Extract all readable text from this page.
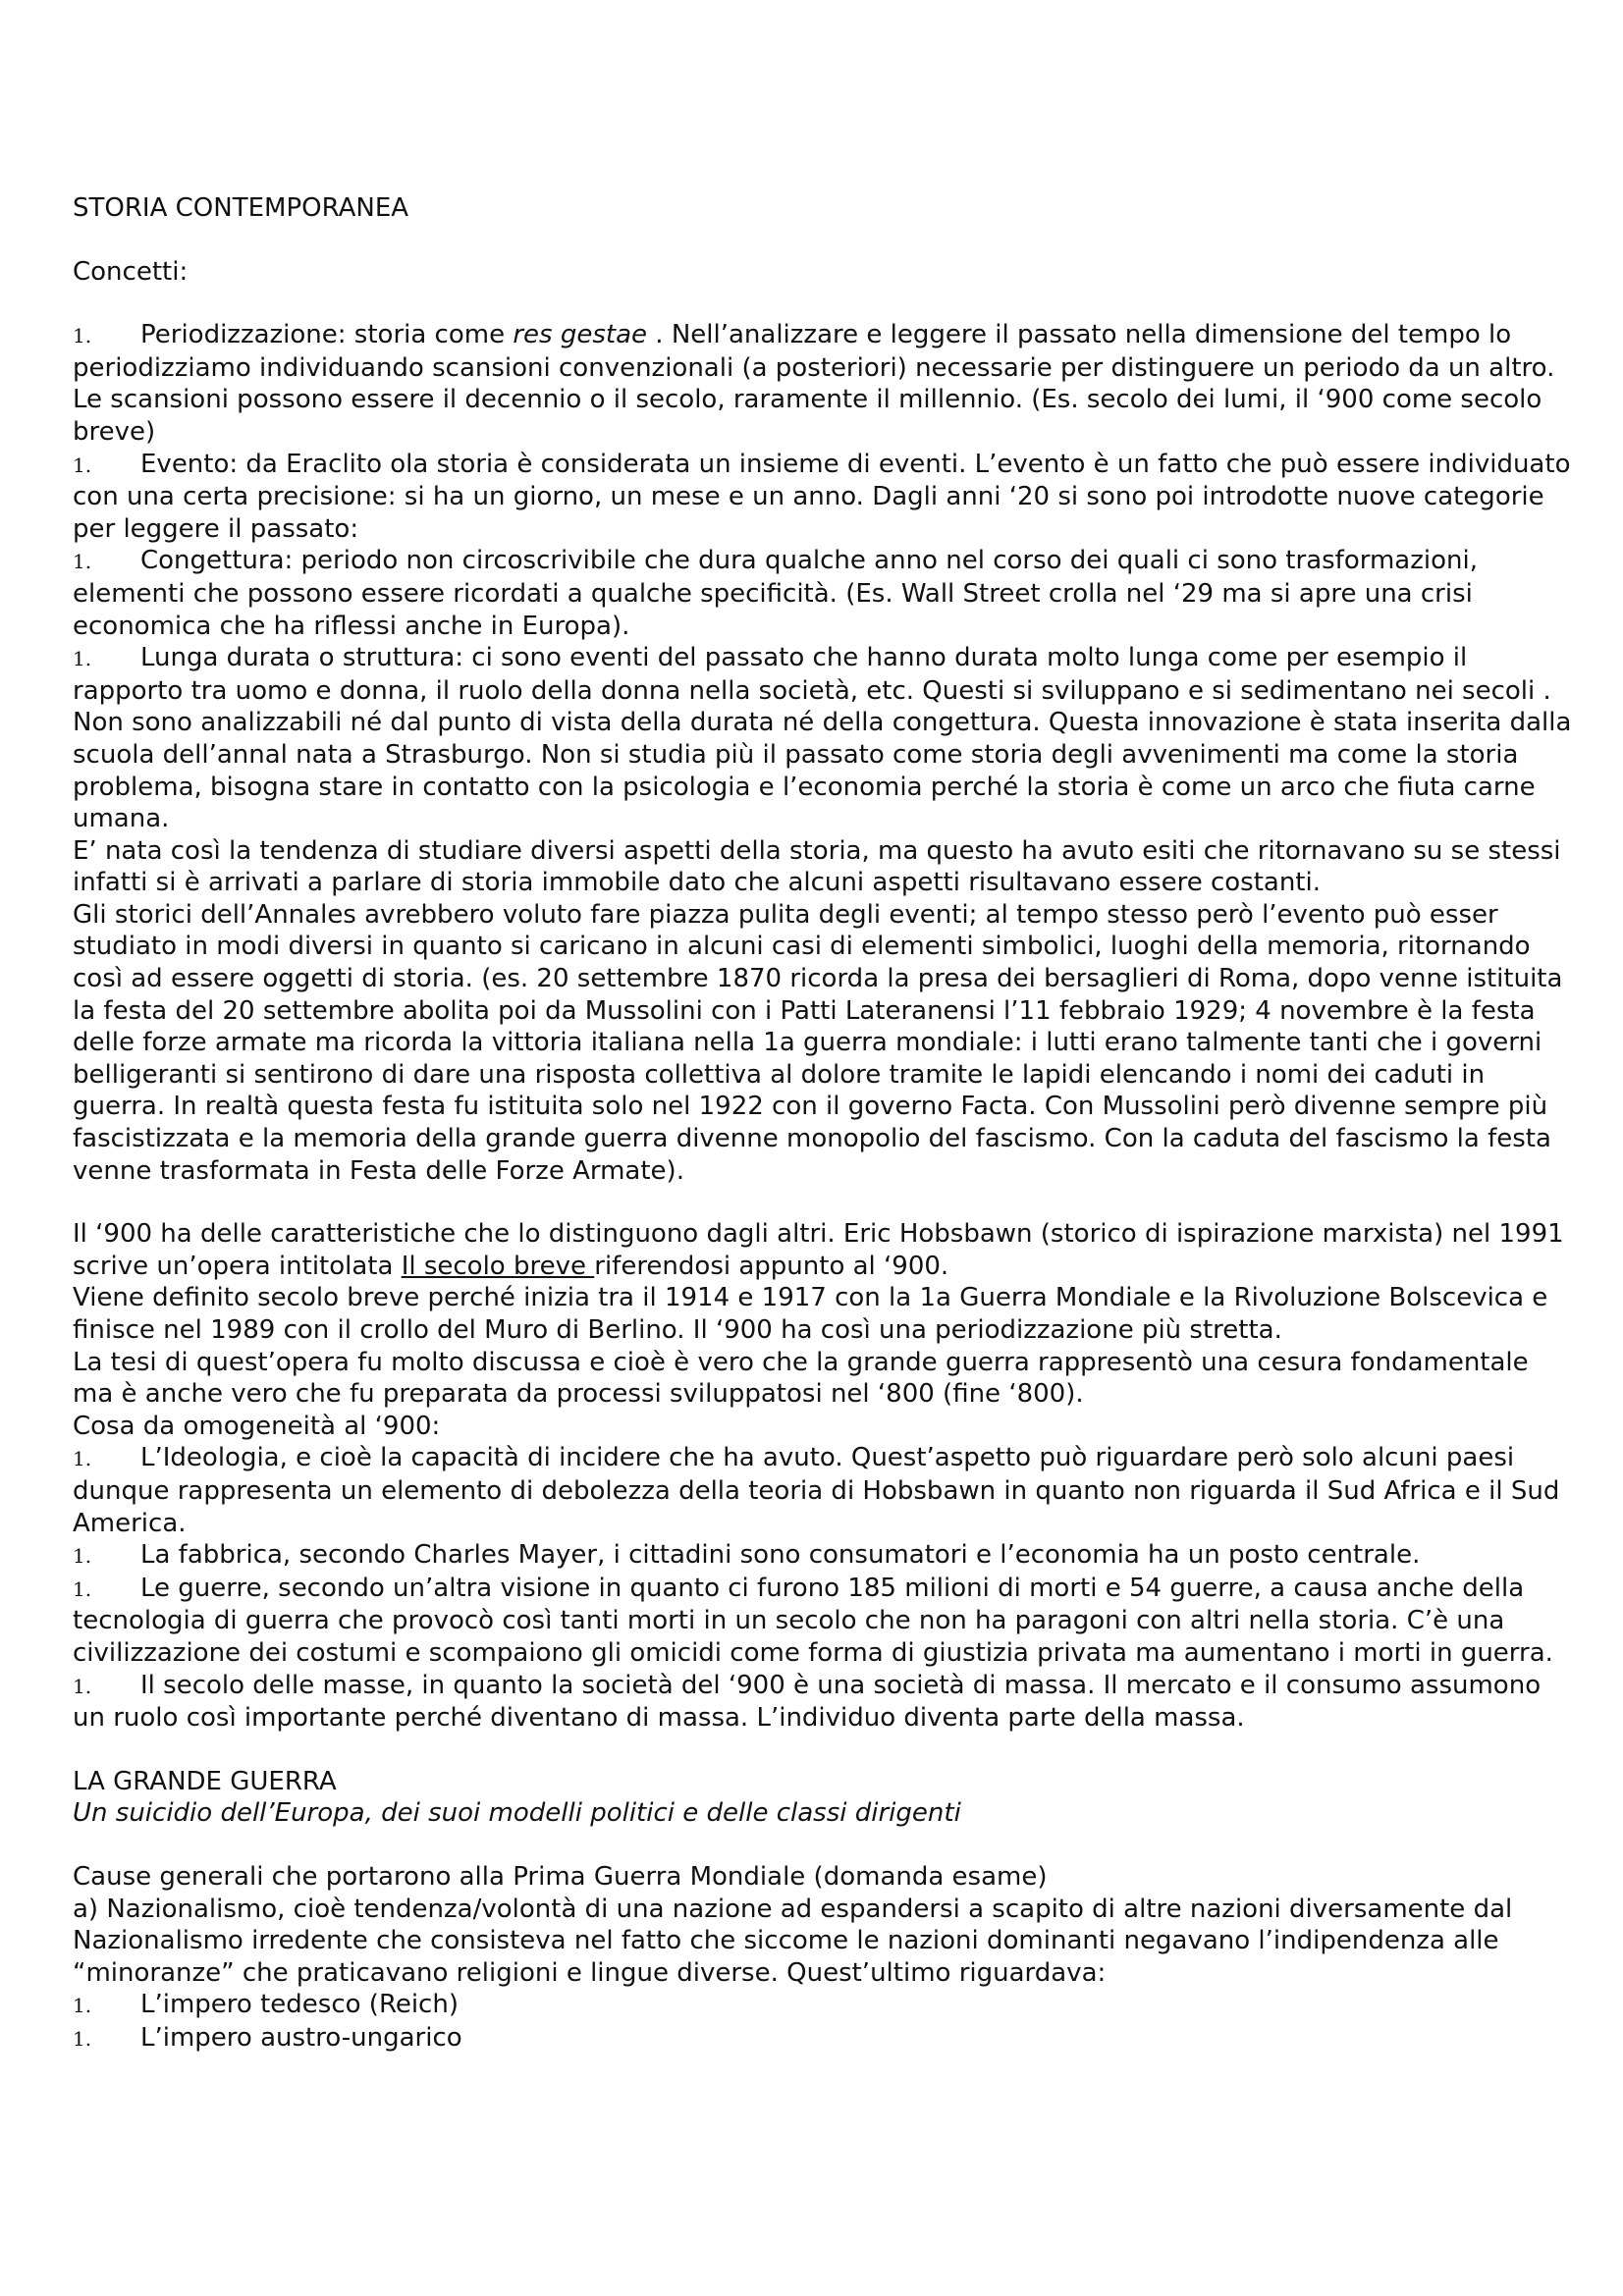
STORIA CONTEMPORANEA

Concetti:

1. Periodizzazione: storia come res gestae . Nell’analizzare e leggere il passato nella dimensione del tempo lo periodizziamo individuando scansioni convenzionali (a posteriori) necessarie per distinguere un periodo da un altro. Le scansioni possono essere il decennio o il secolo, raramente il millennio. (Es. secolo dei lumi, il ‘900 come secolo breve)

1. Evento: da Eraclito ola storia è considerata un insieme di eventi. L’evento è un fatto che può essere individuato con una certa precisione: si ha un giorno, un mese e un anno. Dagli anni ‘20 si sono poi introdotte nuove categorie per leggere il passato:

1. Congettura: periodo non circoscrivibile che dura qualche anno nel corso dei quali ci sono trasformazioni, elementi che possono essere ricordati a qualche specificità. (Es. Wall Street crolla nel ‘29 ma si apre una crisi economica che ha riflessi anche in Europa).

1. Lunga durata o struttura: ci sono eventi del passato che hanno durata molto lunga come per esempio il rapporto tra uomo e donna, il ruolo della donna nella società, etc. Questi si sviluppano e si sedimentano nei secoli . Non sono analizzabili né dal punto di vista della durata né della congettura. Questa innovazione è stata inserita dalla scuola dell’annal nata a Strasburgo. Non si studia più il passato come storia degli avvenimenti ma come la storia problema, bisogna stare in contatto con la psicologia e l’economia perché la storia è come un arco che fiuta carne umana.

E’ nata così la tendenza di studiare diversi aspetti della storia, ma questo ha avuto esiti che ritornavano su se stessi infatti si è arrivati a parlare di storia immobile dato che alcuni aspetti risultavano essere costanti.

Gli storici dell’Annales avrebbero voluto fare piazza pulita degli eventi; al tempo stesso però l’evento può esser studiato in modi diversi in quanto si caricano in alcuni casi di elementi simbolici, luoghi della memoria, ritornando così ad essere oggetti di storia. (es. 20 settembre 1870 ricorda la presa dei bersaglieri di Roma, dopo venne istituita la festa del 20 settembre abolita poi da Mussolini con i Patti Lateranensi l’11 febbraio 1929; 4 novembre è la festa delle forze armate ma ricorda la vittoria italiana nella 1a guerra mondiale: i lutti erano talmente tanti che i governi belligeranti si sentirono di dare una risposta collettiva al dolore tramite le lapidi elencando i nomi dei caduti in guerra. In realtà questa festa fu istituita solo nel 1922 con il governo Facta. Con Mussolini però divenne sempre più fascistizzata e la memoria della grande guerra divenne monopolio del fascismo. Con la caduta del fascismo la festa venne trasformata in Festa delle Forze Armate).

Il ‘900 ha delle caratteristiche che lo distinguono dagli altri. Eric Hobsbawn (storico di ispirazione marxista) nel 1991 scrive un’opera intitolata Il secolo breve riferendosi appunto al ‘900.

Viene definito secolo breve perché inizia tra il 1914 e 1917 con la 1a Guerra Mondiale e la Rivoluzione Bolscevica e finisce nel 1989 con il crollo del Muro di Berlino. Il ‘900 ha così una periodizzazione più stretta.

La tesi di quest’opera fu molto discussa e cioè è vero che la grande guerra rappresentò una cesura fondamentale ma è anche vero che fu preparata da processi sviluppatosi nel ‘800 (fine ‘800).

Cosa da omogeneità al ‘900:

1. L’Ideologia, e cioè la capacità di incidere che ha avuto. Quest’aspetto può riguardare però solo alcuni paesi dunque rappresenta un elemento di debolezza della teoria di Hobsbawn in quanto non riguarda il Sud Africa e il Sud America.

1. La fabbrica, secondo Charles Mayer, i cittadini sono consumatori e l’economia ha un posto centrale.

1. Le guerre, secondo un’altra visione in quanto ci furono 185 milioni di morti e 54 guerre, a causa anche della tecnologia di guerra che provocò così tanti morti in un secolo che non ha paragoni con altri nella storia. C’è una civilizzazione dei costumi e scompaiono gli omicidi come forma di giustizia privata ma aumentano i morti in guerra.

1. Il secolo delle masse, in quanto la società del ‘900 è una società di massa. Il mercato e il consumo assumono un ruolo così importante perché diventano di massa. L’individuo diventa parte della massa.

LA GRANDE GUERRA

Un suicidio dell’Europa, dei suoi modelli politici e delle classi dirigenti

Cause generali che portarono alla Prima Guerra Mondiale (domanda esame)

a) Nazionalismo, cioè tendenza/volontà di una nazione ad espandersi a scapito di altre nazioni diversamente dal Nazionalismo irredente che consisteva nel fatto che siccome le nazioni dominanti negavano l’indipendenza alle “minoranze” che praticavano religioni e lingue diverse. Quest’ultimo riguardava:

1. L’impero tedesco (Reich)

1. L’impero austro-ungarico
